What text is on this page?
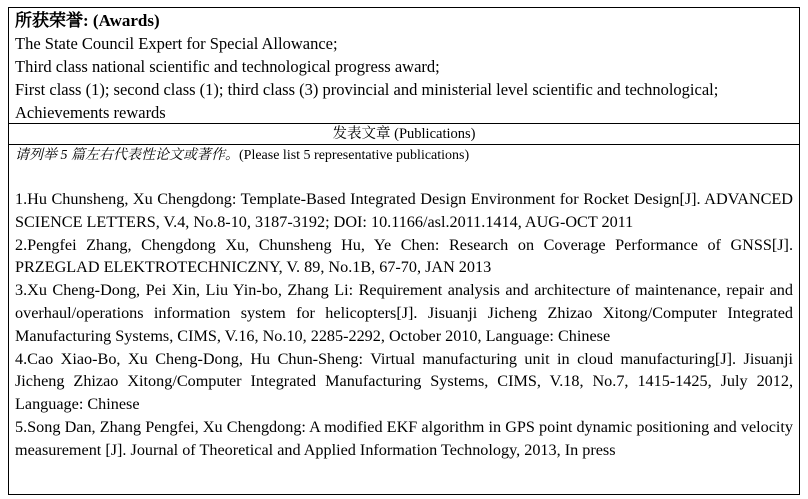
所获荣誉: (Awards)
The State Council Expert for Special Allowance;
Third class national scientific and technological progress award;
First class (1); second class (1); third class (3) provincial and ministerial level scientific and technological;
Achievements rewards
发表文章 (Publications)
请列举 5 篇左右代表性论文或著作。(Please list 5 representative publications)

1.Hu Chunsheng, Xu Chengdong: Template-Based Integrated Design Environment for Rocket Design[J]. ADVANCED SCIENCE LETTERS, V.4, No.8-10, 3187-3192; DOI: 10.1166/asl.2011.1414, AUG-OCT 2011

2.Pengfei Zhang, Chengdong Xu, Chunsheng Hu, Ye Chen: Research on Coverage Performance of GNSS[J]. PRZEGLAD ELEKTROTECHNICZNY, V. 89, No.1B, 67-70, JAN 2013

3.Xu Cheng-Dong, Pei Xin, Liu Yin-bo, Zhang Li: Requirement analysis and architecture of maintenance, repair and overhaul/operations information system for helicopters[J]. Jisuanji Jicheng Zhizao Xitong/Computer Integrated Manufacturing Systems, CIMS, V.16, No.10, 2285-2292, October 2010, Language: Chinese

4.Cao Xiao-Bo, Xu Cheng-Dong, Hu Chun-Sheng: Virtual manufacturing unit in cloud manufacturing[J]. Jisuanji Jicheng Zhizao Xitong/Computer Integrated Manufacturing Systems, CIMS, V.18, No.7, 1415-1425, July 2012, Language: Chinese

5.Song Dan, Zhang Pengfei, Xu Chengdong: A modified EKF algorithm in GPS point dynamic positioning and velocity measurement [J]. Journal of Theoretical and Applied Information Technology, 2013, In press
